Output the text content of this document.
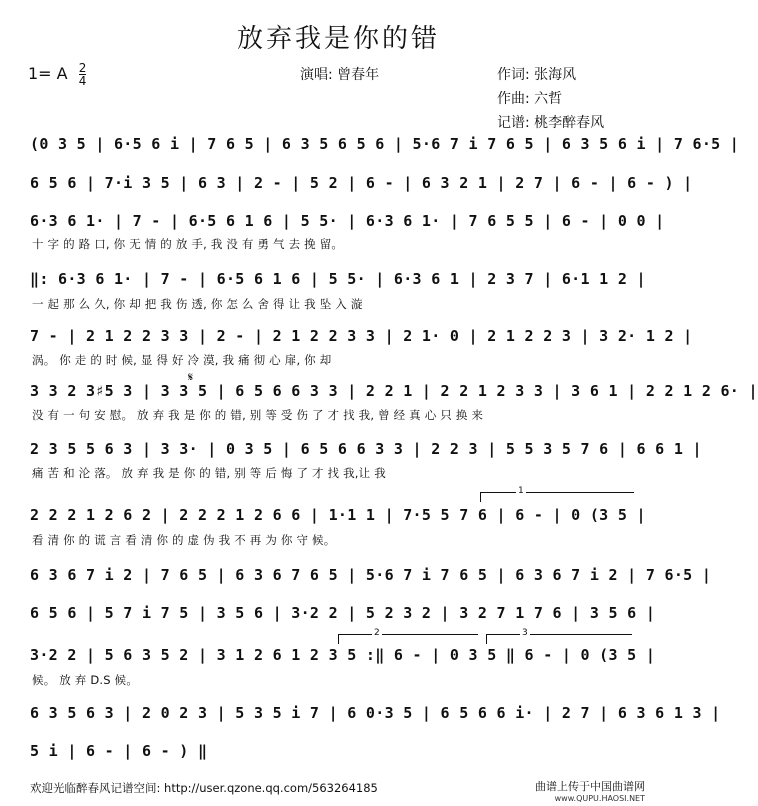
放弃我是你的错
1= A $\frac{2}{4}$	演唱: 曾春年	作词: 张海风
作曲: 六哲
记谱: 桃李醉春风
(0 3 5 | 6·5 6 i | 7 6 5 | 6 3 5 6 5 6 | 5·6 7 i 7 6 5 | 6 3 5 6 i | 7 6·5 |
6 5 6 | 7·i 3 5 | 6 3 | 2 - | 5 2 | 6 - | 6 3 2 1 | 2 7 | 6 - | 6 - ) |
6·3 6 1· | 7 - | 6·5 6 1 6 | 5 5· | 6·3 6 1· | 7 6 5 5 | 6 - | 0 0 |
十 字 的 路 口, 你 无 情 的 放 手, 我 没 有 勇 气 去 挽 留。
‖: 6·3 6 1· | 7 - | 6·5 6 1 6 | 5 5· | 6·3 6 1 | 2 3 7 | 6·1 1 2 |
一 起 那 么 久, 你 却 把 我 伤 透, 你 怎 么 舍 得 让 我 坠 入 漩
7 - | 2 1 2 2 3 3 | 2 - | 2 1 2 2 3 3 | 2 1· 0 | 2 1 2 2 3 | 3 2· 1 2 |
涡。 你 走 的 时 候, 显 得 好 冷 漠, 我 痛 彻 心 扉, 你 却
𝄋
3 3 2 3♯5 3 | 3 3 5 | 6 5 6 6 3 3 | 2 2 1 | 2 2 1 2 3 3 | 3 6 1 | 2 2 1 2 6· |
没 有 一 句 安 慰。 放 弃 我 是 你 的 错, 别 等 受 伤 了 才 找 我, 曾 经 真 心 只 换 来
2 3 5 5 6 3 | 3 3· | 0 3 5 | 6 5 6 6 3 3 | 2 2 3 | 5 5 3 5 7 6 | 6 6 1 |
痛 苦 和 沦 落。 放 弃 我 是 你 的 错, 别 等 后 悔 了 才 找 我,让 我
1
2 2 2 1 2 6 2 | 2 2 2 1 2 6 6 | 1·1 1 | 7·5 5 7 6 | 6 - | 0 (3 5 |
看 清 你 的 谎 言 看 清 你 的 虚 伪 我 不 再 为 你 守 候。
6 3 6 7 i 2 | 7 6 5 | 6 3 6 7 6 5 | 5·6 7 i 7 6 5 | 6 3 6 7 i 2 | 7 6·5 |
6 5 6 | 5 7 i 7 5 | 3 5 6 | 3·2 2 | 5 2 3 2 | 3 2 7 1 7 6 | 3 5 6 |
2	3
3·2 2 | 5 6 3 5 2 | 3 1 2 6 1 2 3 5 :‖ 6 - | 0 3 5 ‖ 6 - | 0 (3 5 |
候。 放 弃 D.S 候。
6 3 5 6 3 | 2 0 2 3 | 5 3 5 i 7 | 6 0·3 5 | 6 5 6 6 i· | 2 7 | 6 3 6 1 3 |
5 i | 6 - | 6 - ) ‖
欢迎光临醉春风记谱空间: http://user.qzone.qq.com/563264185	曲谱上传于中国曲谱网
www.QUPU.HAOSI.NET
